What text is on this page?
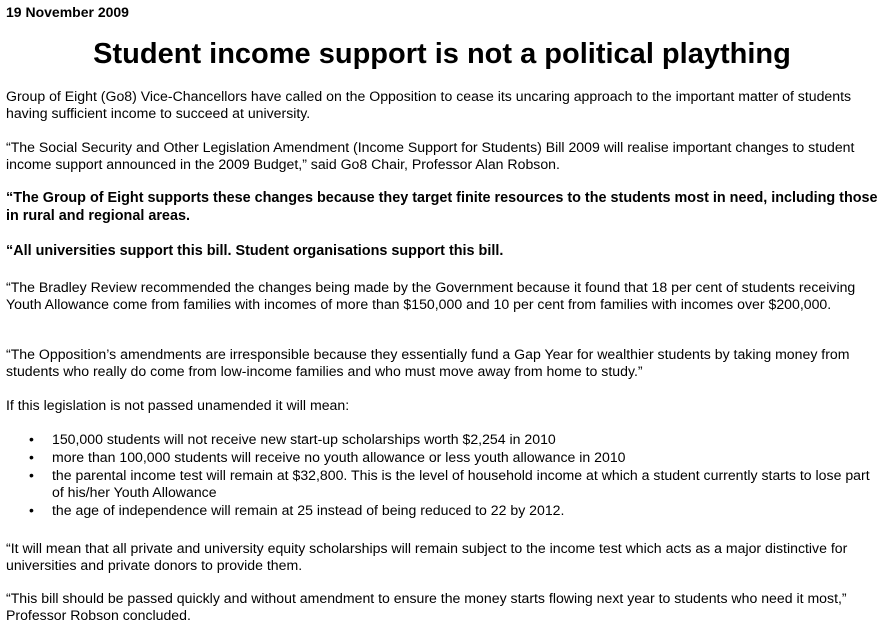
19 November 2009
Student income support is not a political plaything

Group of Eight (Go8) Vice-Chancellors have called on the Opposition to cease its uncaring approach to the important matter of students having sufficient income to succeed at university.

“The Social Security and Other Legislation Amendment (Income Support for Students) Bill 2009 will realise important changes to student income support announced in the 2009 Budget,” said Go8 Chair, Professor Alan Robson.

“The Group of Eight supports these changes because they target finite resources to the students most in need, including those in rural and regional areas.

“All universities support this bill. Student organisations support this bill.

“The Bradley Review recommended the changes being made by the Government because it found that 18 per cent of students receiving Youth Allowance come from families with incomes of more than $150,000 and 10 per cent from families with incomes over $200,000.

“The Opposition’s amendments are irresponsible because they essentially fund a Gap Year for wealthier students by taking money from students who really do come from low-income families and who must move away from home to study.”

If this legislation is not passed unamended it will mean:

•	150,000 students will not receive new start-up scholarships worth $2,254 in 2010
•	more than 100,000 students will receive no youth allowance or less youth allowance in 2010
•	the parental income test will remain at $32,800. This is the level of household income at which a student currently starts to lose part of his/her Youth Allowance
•	the age of independence will remain at 25 instead of being reduced to 22 by 2012.

“It will mean that all private and university equity scholarships will remain subject to the income test which acts as a major distinctive for universities and private donors to provide them.

“This bill should be passed quickly and without amendment to ensure the money starts flowing next year to students who need it most,” Professor Robson concluded.
